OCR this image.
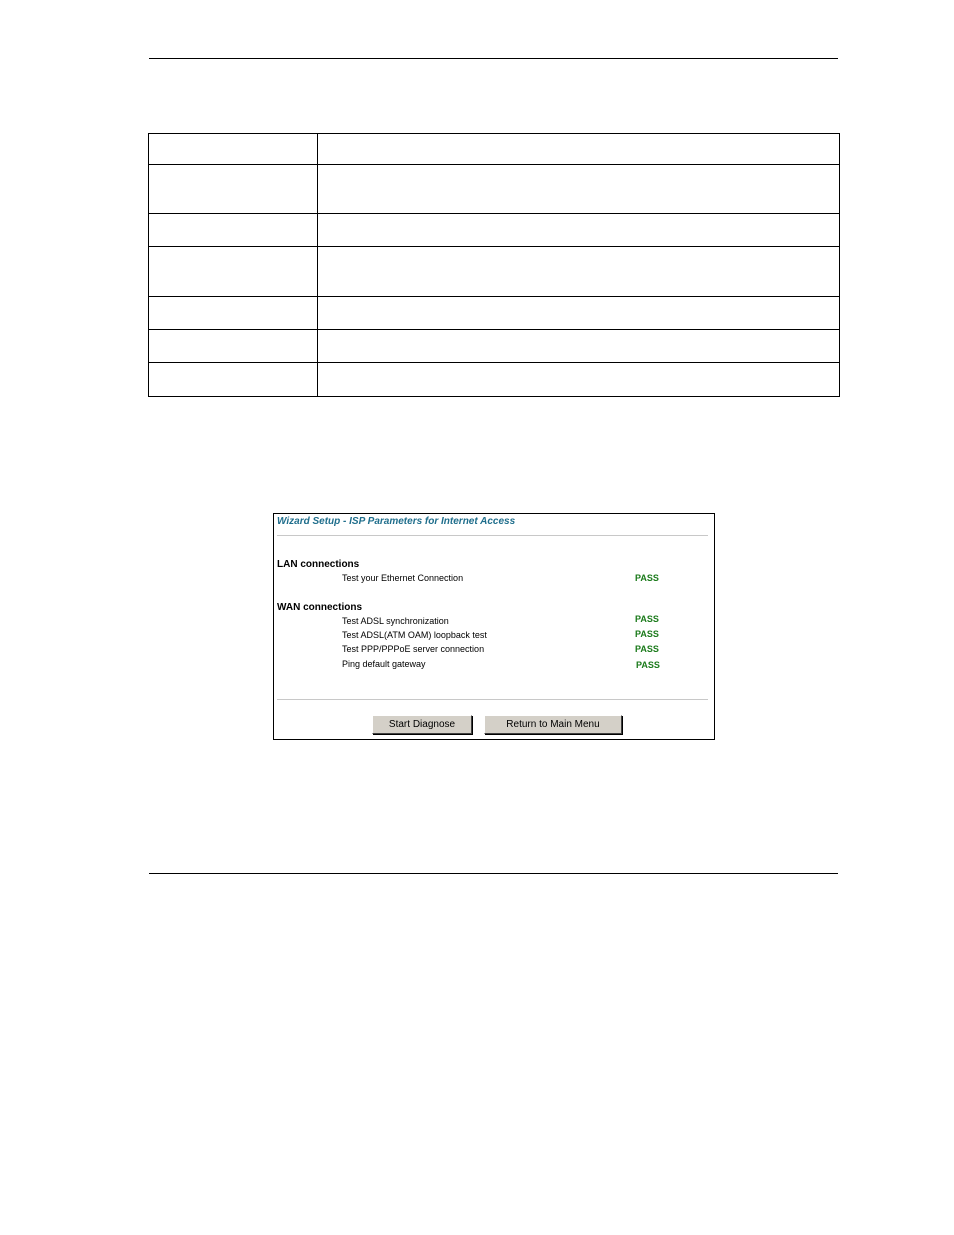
Wizard Setup - ISP Parameters for Internet Access
LAN connections
Test your Ethernet Connection	PASS
WAN connections
Test ADSL synchronization	PASS
Test ADSL(ATM OAM) loopback test	PASS
Test PPP/PPPoE server connection	PASS
Ping default gateway	PASS
Start Diagnose	Return to Main Menu
